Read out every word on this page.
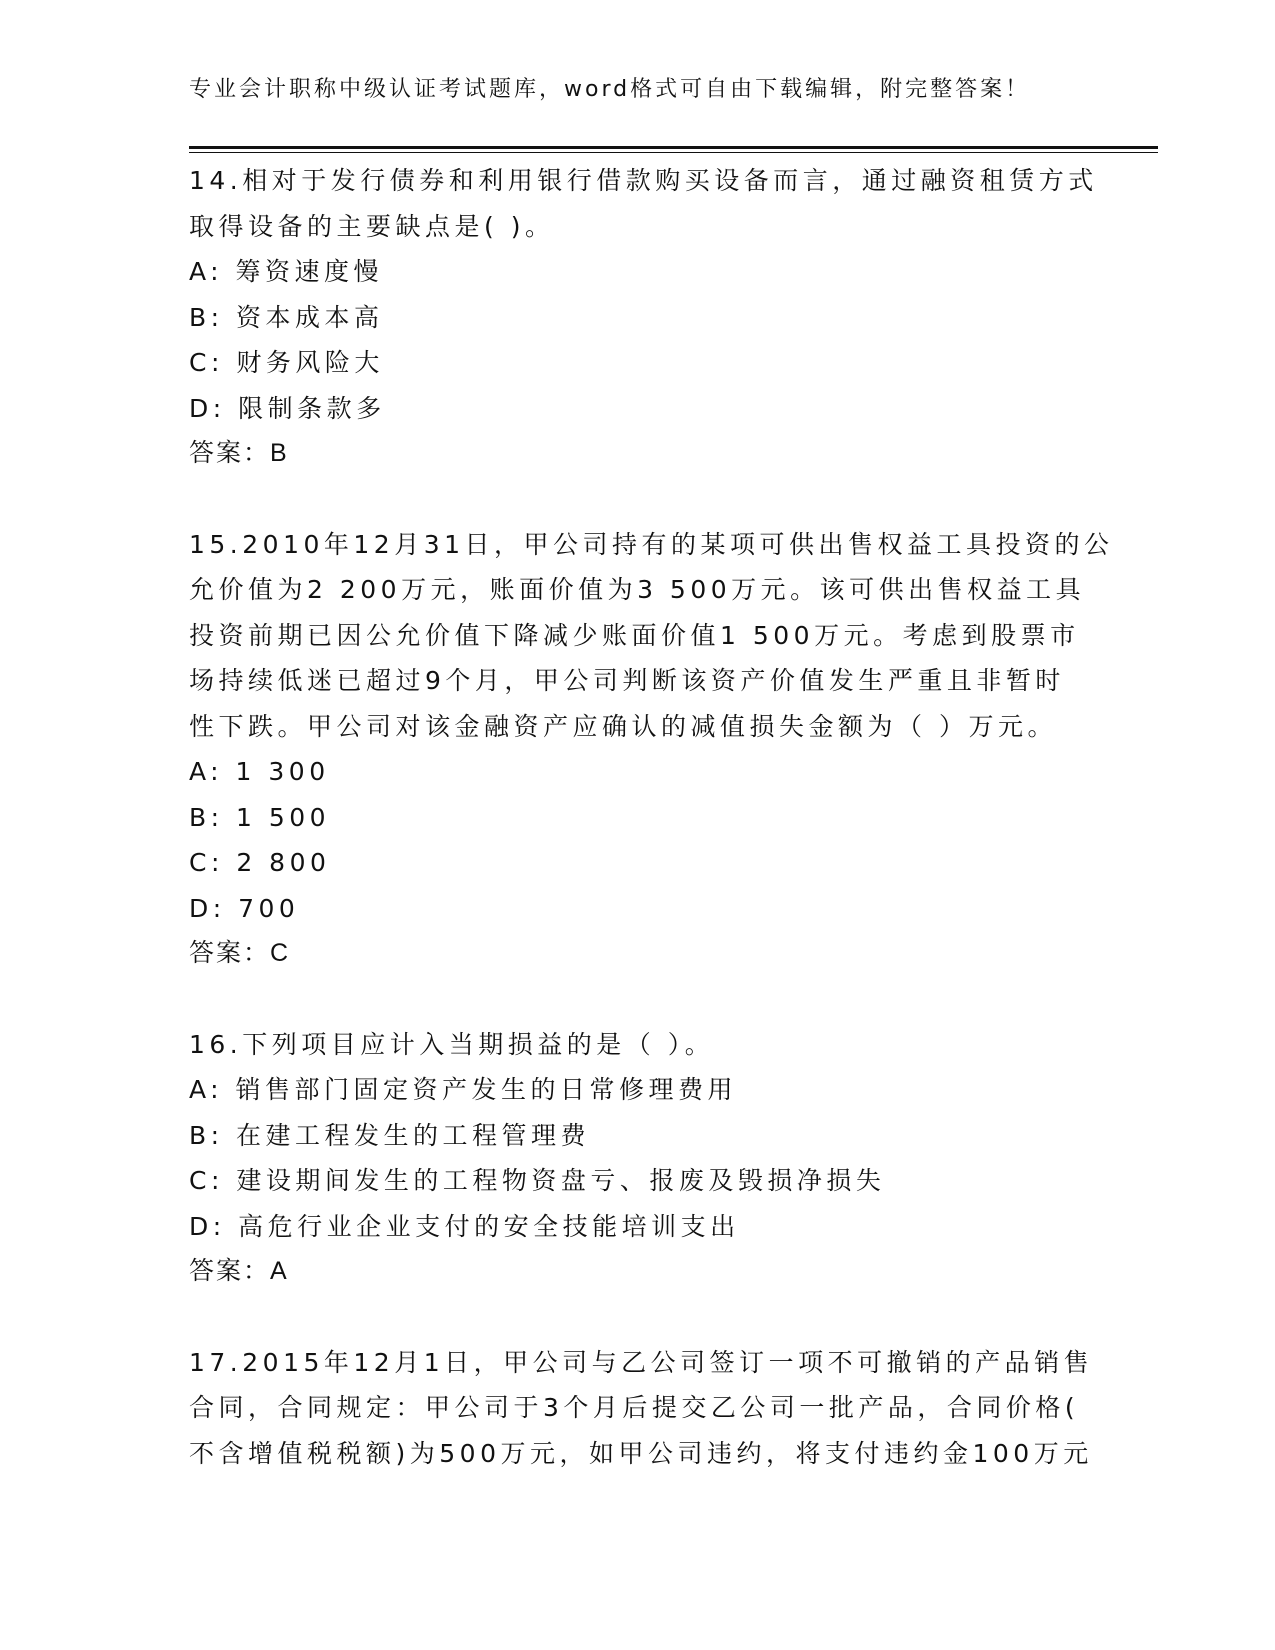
专业会计职称中级认证考试题库，word格式可自由下载编辑，附完整答案！
14.相对于发行债券和利用银行借款购买设备而言，通过融资租赁方式
取得设备的主要缺点是( )。
A: 筹资速度慢
B: 资本成本高
C: 财务风险大
D: 限制条款多
答案：B
15.2010年12月31日，甲公司持有的某项可供出售权益工具投资的公
允价值为2 200万元，账面价值为3 500万元。该可供出售权益工具
投资前期已因公允价值下降减少账面价值1 500万元。考虑到股票市
场持续低迷已超过9个月，甲公司判断该资产价值发生严重且非暂时
性下跌。甲公司对该金融资产应确认的减值损失金额为（ ）万元。
A: 1 300
B: 1 500
C: 2 800
D: 700
答案：C
16.下列项目应计入当期损益的是（ ）。
A: 销售部门固定资产发生的日常修理费用
B: 在建工程发生的工程管理费
C: 建设期间发生的工程物资盘亏、报废及毁损净损失
D: 高危行业企业支付的安全技能培训支出
答案：A
17.2015年12月1日，甲公司与乙公司签订一项不可撤销的产品销售
合同，合同规定：甲公司于3个月后提交乙公司一批产品，合同价格(
不含增值税税额)为500万元，如甲公司违约，将支付违约金100万元
